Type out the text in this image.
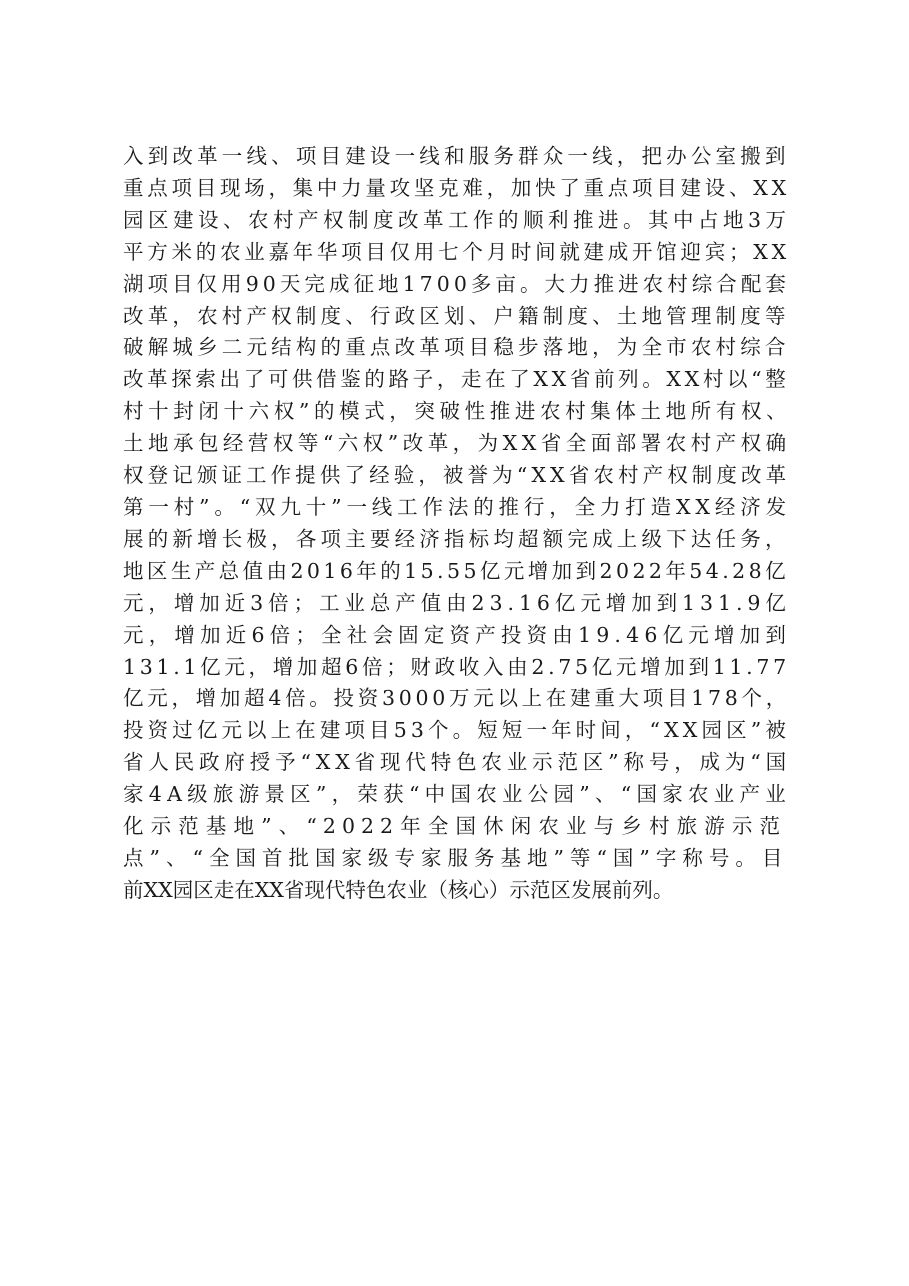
入到改革一线、项目建设一线和服务群众一线，把办公室搬到
重点项目现场，集中力量攻坚克难，加快了重点项目建设、XX
园区建设、农村产权制度改革工作的顺利推进。其中占地3万
平方米的农业嘉年华项目仅用七个月时间就建成开馆迎宾；XX
湖项目仅用90天完成征地1700多亩。大力推进农村综合配套
改革，农村产权制度、行政区划、户籍制度、土地管理制度等
破解城乡二元结构的重点改革项目稳步落地，为全市农村综合
改革探索出了可供借鉴的路子，走在了XX省前列。XX村以“整
村十封闭十六权”的模式，突破性推进农村集体土地所有权、
土地承包经营权等“六权”改革，为XX省全面部署农村产权确
权登记颁证工作提供了经验，被誉为“XX省农村产权制度改革
第一村”。“双九十”一线工作法的推行，全力打造XX经济发
展的新增长极，各项主要经济指标均超额完成上级下达任务，
地区生产总值由2016年的15.55亿元增加到2022年54.28亿
元，增加近3倍；工业总产值由23.16亿元增加到131.9亿
元，增加近6倍；全社会固定资产投资由19.46亿元增加到
131.1亿元，增加超6倍；财政收入由2.75亿元增加到11.77
亿元，增加超4倍。投资3000万元以上在建重大项目178个，
投资过亿元以上在建项目53个。短短一年时间，“XX园区”被
省人民政府授予“XX省现代特色农业示范区”称号，成为“国
家4A级旅游景区”，荣获“中国农业公园”、“国家农业产业
化示范基地”、“2022年全国休闲农业与乡村旅游示范
点”、“全国首批国家级专家服务基地”等“国”字称号。目
前XX园区走在XX省现代特色农业（核心）示范区发展前列。
